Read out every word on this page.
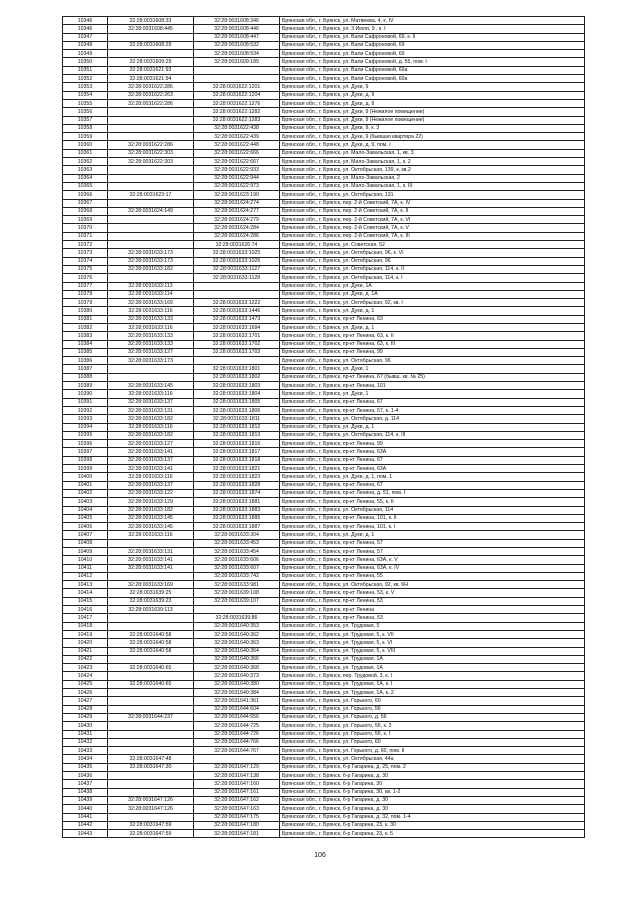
10346	32:28:0031608:33	32:28:0031608:346	Брянская обл., г. Брянск, ул. Матвеева, 4, к. IV
10346	32:28:0031608:445	32:28:0031608:446	Брянская обл., г. Брянск, ул. 3 Июля, 9 , к. I
10347		32:28:0031608:447	Брянская обл., г. Брянск, ул. Вали Сафроновой, 69, к. II
10348	32:28:0031608:29	32:28:0031608:532	Брянская обл., г. Брянск, ул. Вали Сафроновой, 69
10349		32:28:0031608:534	Брянская обл., г. Брянск, ул. Вали Сафроновой, 69
10350	32:28:0031609:29	32:28:0031609:189	Брянская обл., г. Брянск, ул. Вали Сафроновой, д. 55, пом. I
10351	32:28:0031621:93		Брянская обл., г. Брянск, ул. Вали Сафроновой, 60а
10352	32:28:0031621:94		Брянская обл., г. Брянск, ул. Вали Сафроновой, 60а
10353	32:28:0031622:286	32:28:0031622:1201	Брянская обл., г. Брянск, ул. Дуки, 9
10354	32:28:0031622:263	32:28:0031622:1204	Брянская обл., г. Брянск, ул. Дуки, д. 9
10355	32:28:0031622:286	32:28:0031622:1276	Брянская обл., г. Брянск, ул. Дуки, д. 9
10356		32:28:0031622:1282	Брянская обл., г. Брянск, ул. Дуки, 9 (Нежилое помещение)
10357		32:28:0031622:1283	Брянская обл., г. Брянск, ул. Дуки, 9 (Нежилое помещение)
10358		32:28:0031622:438	Брянская обл., г. Брянск, ул. Дуки, 9, к. 3
10359		32:28:0031622:439	Брянская обл., г. Брянск, ул. Дуки, 9 (бывшая квартира 22)
10360	32:28:0031622:286	32:28:0031622:448	Брянская обл., г. Брянск, ул. Дуки, д. 9, пом. I
10361	32:28:0031622:303	32:28:0031622:666	Брянская обл., г. Брянск, ул. Мало-Завальская, 1, кв. 3
10362	32:28:0031622:303	32:28:0031622:667	Брянская обл., г. Брянск, ул. Мало-Завальская, 1, к. 2
10363		32:28:0031622:933	Брянская обл., г. Брянск, ул. Октябрьская, 139, к. кв.2
10364		32:28:0031622:944	Брянская обл., г. Брянск, ул. Мало-Завальская, 2
10365		32:28:0031622:973	Брянская обл., г. Брянск, ул. Мало-Завальская, 1, к. III
10366	32:28:0031623:17	32:28:0031623:190	Брянская обл., г. Брянск, ул. Октябрьская, 131
10367		32:28:0031624:274	Брянская обл., г. Брянск, пер. 2-й Советский, 7А, к. IV
10368	32:28:0031624:149	32:28:0031624:277	Брянская обл., г. Брянск, пер. 2-й Советский, 7А, к. II
10369		32:28:0031624:279	Брянская обл., г. Брянск, пер. 2-й Советский, 7А, к. VI
10370		32:28:0031624:284	Брянская обл., г. Брянск, пер. 2-й Советский, 7А, к. V
10371		32:28:0031624:286	Брянская обл., г. Брянск, пер. 2-й Советский, 7А, к. III
10372		32:28:0031626:74	Брянская обл., г. Брянск, ул. Советская, 52
10373	32:28:0031633:173	32:28:0031633:1025	Брянская обл., г. Брянск, ул. Октябрьская, 96, к. VI
10374	32:28:0031633:173	32:28:0031633:1026	Брянская обл., г. Брянск, ул. Октябрьская, 96
10375	32:28:0031633:182	32:28:0031633:1127	Брянская обл., г. Брянск, ул. Октябрьская, 114, к. II
10376		32:28:0031633:1128	Брянская обл., г. Брянск, ул. Октябрьская, 114, к. I
10377	32:28:0031633:113		Брянская обл., г. Брянск, ул. Дуки, 1А
10378	32:28:0031633:114		Брянская обл., г. Брянск, ул. Дуки, д. 1А
10379	32:28:0031633:169	32:28:0031633:1222	Брянская обл., г. Брянск, ул. Октябрьская, 92, кв. I
10380	32:28:0031633:116	32:28:0031633:1446	Брянская обл., г. Брянск, ул. Дуки, д. 1
10381	32:28:0031633:133	32:28:0031633:1473	Брянская обл., г. Брянск, пр-кт Ленина, 63
10382	32:28:0031633:116	32:28:0031633:1694	Брянская обл., г. Брянск, ул. Дуки, д. 1
10383	32:28:0031633:133	32:28:0031633:1701	Брянская обл., г. Брянск, пр-кт Ленина, 63, к. II
10384	32:28:0031633:133	32:28:0031633:1702	Брянская обл., г. Брянск, пр-кт Ленина, 63, к. III
10385	32:28:0031633:127	32:28:0031633:1703	Брянская обл., г. Брянск, пр-кт Ленина, 99
10386	32:28:0031633:173		Брянская обл., г. Брянск, ул. Октябрьская, 96
10387		32:28:0031633:1801	Брянская обл., г. Брянск, ул. Дуки, 1
10388		32:28:0031633:1802	Брянская обл., г. Брянск, пр-кт Ленина, 67 (бывш. кв. № 25)
10389	32:28:0031633:145	32:28:0031633:1803	Брянская обл., г. Брянск, пр-кт Ленина, 101
10390	32:28:0031633:116	32:28:0031633:1804	Брянская обл., г. Брянск, ул. Дуки, 1
10391	32:28:0031633:137	32:28:0031633:1805	Брянская обл., г. Брянск, пр-кт Ленина, 67
10392	32:28:0031633:131	32:28:0031633:1806	Брянская обл., г. Брянск, пр-кт Ленина, 57, к. 1-4
10393	32:28:0031633:182	32:28:0031633:1811	Брянская обл., г. Брянск, ул. Октябрьская, д. 114
10394	32:28:0031633:116	32:28:0031633:1812	Брянская обл., г. Брянск, ул. Дуки, д. 1
10395	32:28:0031633:182	32:28:0031633:1813	Брянская обл., г. Брянск, ул. Октябрьская, 114, к. III
10396	32:28:0031633:127	32:28:0031633:1816	Брянская обл., г. Брянск, пр-кт Ленина, 99
10397	32:28:0031633:141	32:28:0031633:1817	Брянская обл., г. Брянск, пр-кт Ленина, 63А
10398	32:28:0031633:137	32:28:0031633:1818	Брянская обл., г. Брянск, пр-кт Ленина, 67
10399	32:28:0031633:141	32:28:0031633:1821	Брянская обл., г. Брянск, пр-кт Ленина, 63А
10400	32:28:0031633:116	32:28:0031633:1823	Брянская обл., г. Брянск, ул. Дуки, д. 1, пом. 1
10401	32:28:0031633:137	32:28:0031633:1828	Брянская обл., г. Брянск, пр-кт Ленина, 67
10402	32:28:0031633:122	32:28:0031633:1874	Брянская обл., г. Брянск, пр-кт Ленина, д. 51, пом. I
10403	32:28:0031633:129	32:28:0031633:1881	Брянская обл., г. Брянск, пр-кт Ленина, 55, к. II
10404	32:28:0031633:182	32:28:0031633:1883	Брянская обл., г. Брянск, ул. Октябрьская, 114
10405	32:28:0031633:145	32:28:0031633:1886	Брянская обл., г. Брянск, пр-кт Ленина, 101, к. II
10406	32:28:0031633:145	32:28:0031633:1887	Брянская обл., г. Брянск, пр-кт Ленина, 101, к. I
10407	32:28:0031633:116	32:28:0031633:304	Брянская обл., г. Брянск, ул. Дуки, д. 1
10408		32:28:0031633:453	Брянская обл., г. Брянск, пр-кт Ленина, 57
10409	32:28:0031633:131	32:28:0031633:454	Брянская обл., г. Брянск, пр-кт Ленина, 57
10410	32:28:0031633:141	32:28:0031633:606	Брянская обл., г. Брянск, пр-кт Ленина, 63А, к. V
10411	32:28:0031633:141	32:28:0031633:607	Брянская обл., г. Брянск, пр-кт Ленина, 63А, к. IV
10412		32:28:0031633:742	Брянская обл., г. Брянск, пр-кт Ленина, 55
10413	32:28:0031633:169	32:28:0031633:981	Брянская обл., г. Брянск, ул. Октябрьская, 92, кв. 6Н
10414	32:28:0031639:25	32:28:0031639:108	Брянская обл., г. Брянск, пр-кт Ленина, 53, к. V
10415	32:28:0031639:23	32:28:0031639:107	Брянская обл., г. Брянск, пр-кт Ленина, 53
10416	32:28:0031639:113		Брянская обл., г. Брянск, пр-кт Ленина
10417		32:28:0031639:86	Брянская обл., г. Брянск, пр-кт Ленина, 53
10418		32:28:0031640:353	Брянская обл., г. Брянск, ул. Трудовая, 5
10419	32:28:0031640:58	32:28:0031640:362	Брянская обл., г. Брянск, ул. Трудовая, 5, к. VII
10420	32:28:0031640:58	32:28:0031640:363	Брянская обл., г. Брянск, ул. Трудовая, 5, к. VI
10421	32:28:0031640:58	32:28:0031640:364	Брянская обл., г. Брянск, ул. Трудовая, 5, к. VIII
10422		32:28:0031640:366	Брянская обл., г. Брянск, ул. Трудовая, 1А
10423	32:28:0031640:65	32:28:0031640:368	Брянская обл., г. Брянск, ул. Трудовая, 1А
10424		32:28:0031640:373	Брянская обл., г. Брянск, пер. Трудовой, 3, к. I
10425	32:28:0031640:65	32:28:0031640:380	Брянская обл., г. Брянск, ул. Трудовая, 1А, к. I
10426		32:28:0031640:384	Брянская обл., г. Брянск, ул. Трудовая, 1А, к. 2
10427		32:28:0031641:361	Брянская обл., г. Брянск, ул. Горького, 60
10428		32:28:0031644:604	Брянская обл., г. Брянск, ул. Горького, 56
10429	32:28:0031644:237	32:28:0031644:656	Брянская обл., г. Брянск, ул. Горького, д. 56
10430		32:28:0031644:725	Брянская обл., г. Брянск, ул. Горького, 56, к. 2
10431		32:28:0031644:726	Брянская обл., г. Брянск, ул. Горького, 56, к. I
10432		32:28:0031644:766	Брянская обл., г. Брянск, ул. Горького, 60
10433		32:28:0031644:767	Брянская обл., г. Брянск, ул. Горького, д. 60, пом. II
10434	32:28:0031647:48		Брянская обл., г. Брянск, ул. Октябрьская, 44а
10435	32:28:0031647:30	32:28:0031647:129	Брянская обл., г. Брянск, б-р Гагарина, д. 25, пом. 2
10436		32:28:0031647:138	Брянская обл., г. Брянск, б-р Гагарина, д. 30
10437		32:28:0031647:160	Брянская обл., г. Брянск, б-р Гагарина, 30
10438		32:28:0031647:161	Брянская обл., г. Брянск, б-р Гагарина, 30, кв. 1-2
10439	32:28:0031647:126	32:28:0031647:162	Брянская обл., г. Брянск, б-р Гагарина, д. 30
10440	32:28:0031647:126	32:28:0031647:163	Брянская обл., г. Брянск, б-р Гагарина, д. 30
10441		32:28:0031647:175	Брянская обл., г. Брянск, б-р Гагарина, д. 32, пом. 1-4
10442	32:28:0031647:59	32:28:0031647:180	Брянская обл., г. Брянск, б-р Гагарина, 23, к. 30
10443	32:28:0031647:59	32:28:0031647:181	Брянская обл., г. Брянск, б-р Гагарина, 23, к. 5
106
